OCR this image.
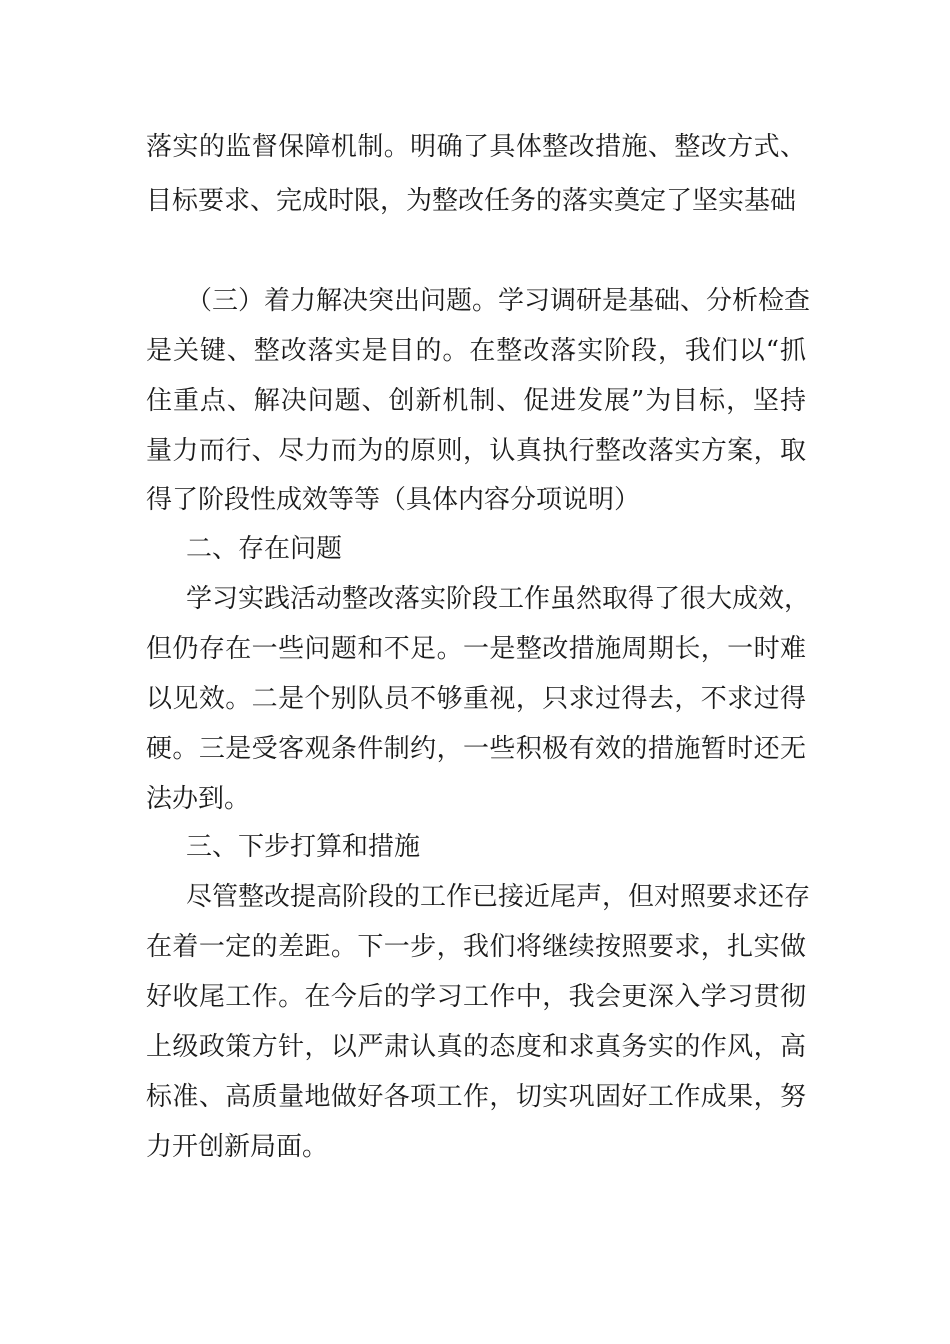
落实的监督保障机制。明确了具体整改措施、整改方式、
目标要求、完成时限，为整改任务的落实奠定了坚实基础
（三）着力解决突出问题。学习调研是基础、分析检查
是关键、整改落实是目的。在整改落实阶段，我们以“抓
住重点、解决问题、创新机制、促进发展”为目标，坚持
量力而行、尽力而为的原则，认真执行整改落实方案，取
得了阶段性成效等等（具体内容分项说明）
二、存在问题
学习实践活动整改落实阶段工作虽然取得了很大成效，
但仍存在一些问题和不足。一是整改措施周期长，一时难
以见效。二是个别队员不够重视，只求过得去，不求过得
硬。三是受客观条件制约，一些积极有效的措施暂时还无
法办到。
三、下步打算和措施
尽管整改提高阶段的工作已接近尾声，但对照要求还存
在着一定的差距。下一步，我们将继续按照要求，扎实做
好收尾工作。在今后的学习工作中，我会更深入学习贯彻
上级政策方针，以严肃认真的态度和求真务实的作风，高
标准、高质量地做好各项工作，切实巩固好工作成果，努
力开创新局面。
